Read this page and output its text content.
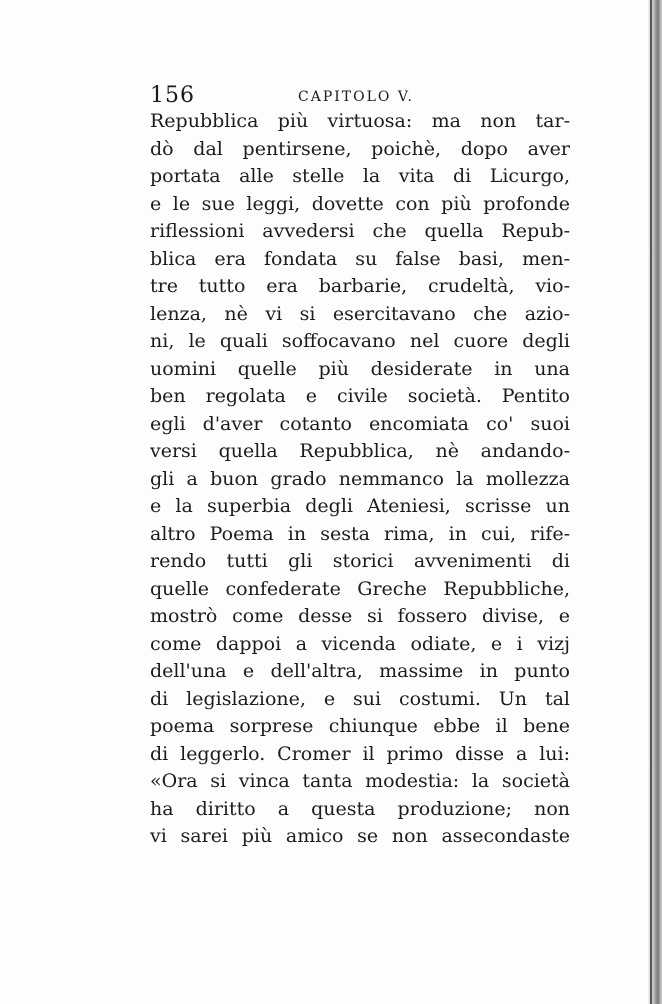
156	CAPITOLO V.
Repubblica più virtuosa: ma non tar-
dò dal pentirsene, poichè, dopo aver
portata alle stelle la vita di Licurgo,
e le sue leggi, dovette con più profonde
riflessioni avvedersi che quella Repub-
blica era fondata su false basi, men-
tre tutto era barbarie, crudeltà, vio-
lenza, nè vi si esercitavano che azio-
ni, le quali soffocavano nel cuore degli
uomini quelle più desiderate in una
ben regolata e civile società. Pentito
egli d'aver cotanto encomiata co' suoi
versi quella Repubblica, nè andando-
gli a buon grado nemmanco la mollezza
e la superbia degli Ateniesi, scrisse un
altro Poema in sesta rima, in cui, rife-
rendo tutti gli storici avvenimenti di
quelle confederate Greche Repubbliche,
mostrò come desse si fossero divise, e
come dappoi a vicenda odiate, e i vizj
dell'una e dell'altra, massime in punto
di legislazione, e sui costumi. Un tal
poema sorprese chiunque ebbe il bene
di leggerlo. Cromer il primo disse a lui:
«Ora si vinca tanta modestia: la società
ha diritto a questa produzione; non
vi sarei più amico se non assecondaste
